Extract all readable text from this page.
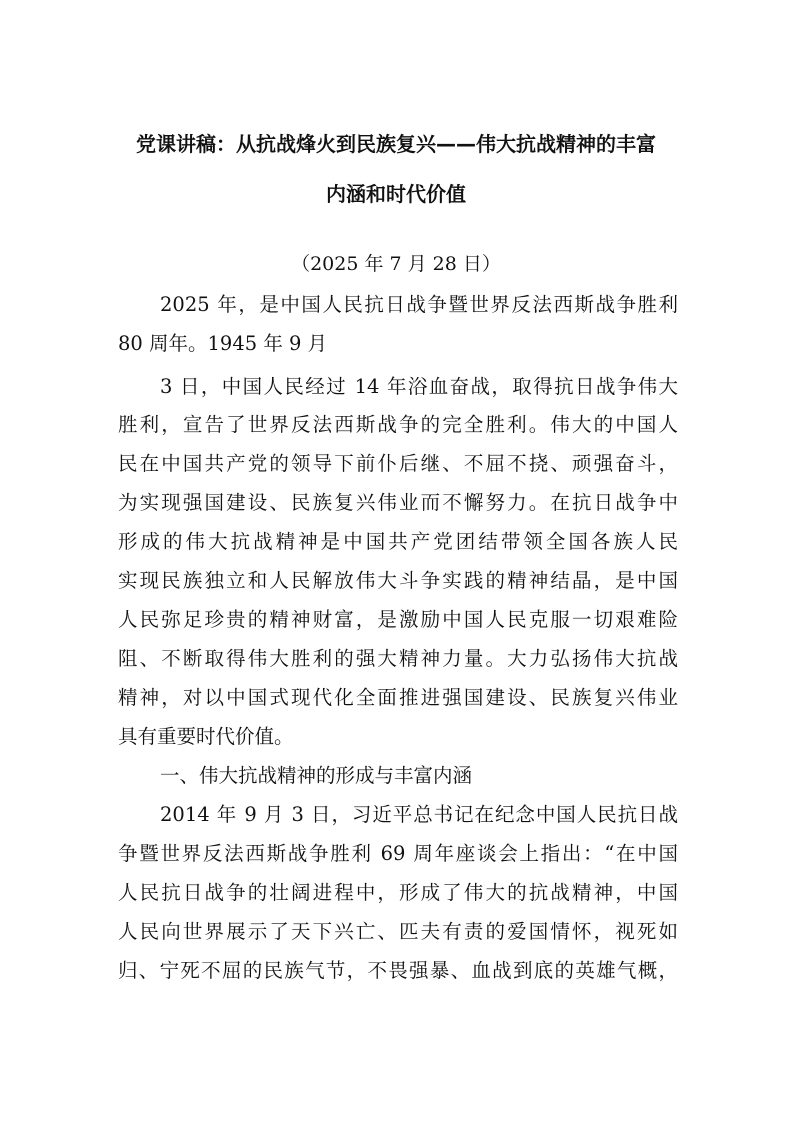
党课讲稿：从抗战烽火到民族复兴——伟大抗战精神的丰富
内涵和时代价值

（2025 年 7 月 28 日）

2025 年，是中国人民抗日战争暨世界反法西斯战争胜利

80 周年。1945 年 9 月

3 日，中国人民经过 14 年浴血奋战，取得抗日战争伟大

胜利，宣告了世界反法西斯战争的完全胜利。伟大的中国人

民在中国共产党的领导下前仆后继、不屈不挠、顽强奋斗，

为实现强国建设、民族复兴伟业而不懈努力。在抗日战争中

形成的伟大抗战精神是中国共产党团结带领全国各族人民

实现民族独立和人民解放伟大斗争实践的精神结晶，是中国

人民弥足珍贵的精神财富，是激励中国人民克服一切艰难险

阻、不断取得伟大胜利的强大精神力量。大力弘扬伟大抗战

精神，对以中国式现代化全面推进强国建设、民族复兴伟业

具有重要时代价值。

一、伟大抗战精神的形成与丰富内涵

2014 年 9 月 3 日，习近平总书记在纪念中国人民抗日战

争暨世界反法西斯战争胜利 69 周年座谈会上指出：“在中国

人民抗日战争的壮阔进程中，形成了伟大的抗战精神，中国

人民向世界展示了天下兴亡、匹夫有责的爱国情怀，视死如

归、宁死不屈的民族气节，不畏强暴、血战到底的英雄气概，
